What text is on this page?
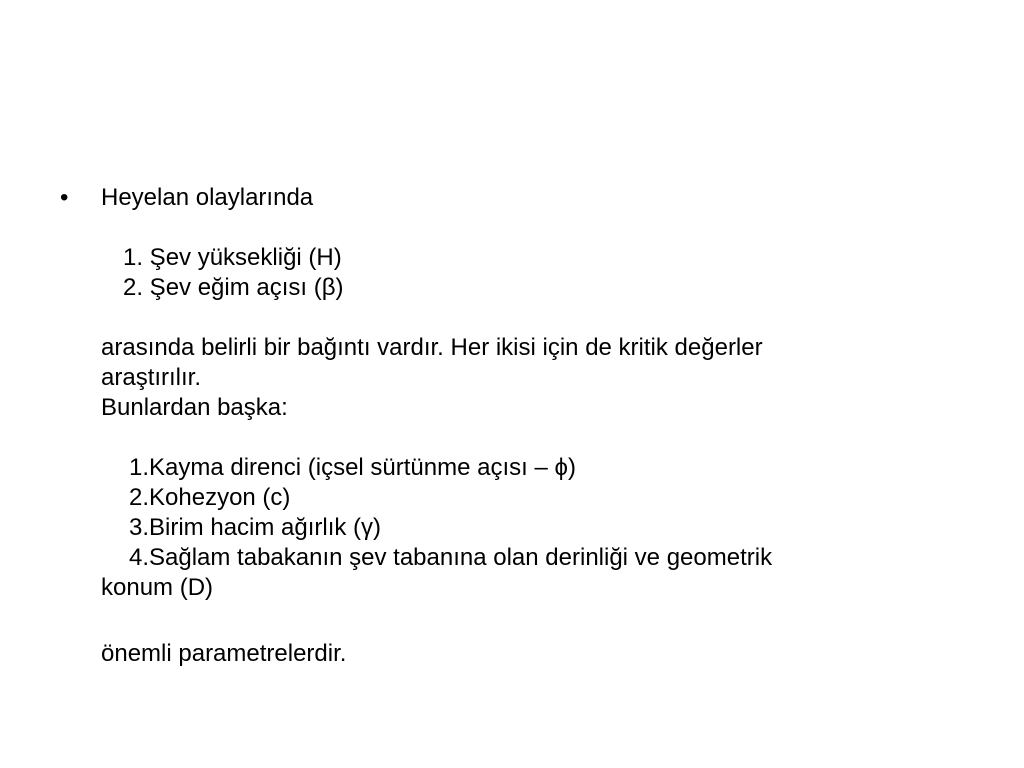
• Heyelan olaylarında
1. Şev yüksekliği (H)
2. Şev eğim açısı (β)
arasında belirli bir bağıntı vardır. Her ikisi için de kritik değerler
araştırılır.
Bunlardan başka:
1.Kayma direnci (içsel sürtünme açısı – ϕ)
2.Kohezyon (c)
3.Birim hacim ağırlık (γ)
4.Sağlam tabakanın şev tabanına olan derinliği ve geometrik
konum (D)
önemli parametrelerdir.
